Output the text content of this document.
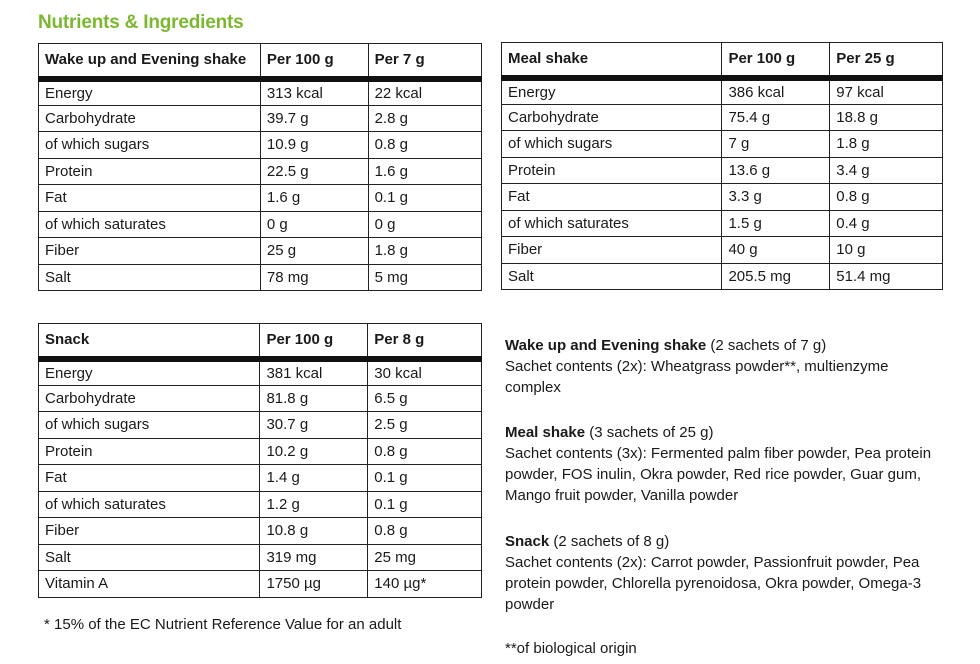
Nutrients & Ingredients
Wake up and Evening shake	Per 100 g	Per 7 g
Energy	313 kcal	22 kcal
Carbohydrate	39.7 g	2.8 g
of which sugars	10.9 g	0.8 g
Protein	22.5 g	1.6 g
Fat	1.6 g	0.1 g
of which saturates	0 g	0 g
Fiber	25 g	1.8 g
Salt	78 mg	5 mg
Meal shake	Per 100 g	Per 25 g
Energy	386 kcal	97 kcal
Carbohydrate	75.4 g	18.8 g
of which sugars	7 g	1.8 g
Protein	13.6 g	3.4 g
Fat	3.3 g	0.8 g
of which saturates	1.5 g	0.4 g
Fiber	40 g	10 g
Salt	205.5 mg	51.4 mg
Snack	Per 100 g	Per 8 g
Energy	381 kcal	30 kcal
Carbohydrate	81.8 g	6.5 g
of which sugars	30.7 g	2.5 g
Protein	10.2 g	0.8 g
Fat	1.4 g	0.1 g
of which saturates	1.2 g	0.1 g
Fiber	10.8 g	0.8 g
Salt	319 mg	25 mg
Vitamin A	1750 µg	140 µg*
* 15% of the EC Nutrient Reference Value for an adult

Wake up and Evening shake (2 sachets of 7 g)

Sachet contents (2x): Wheatgrass powder**, multienzyme complex

Meal shake (3 sachets of 25 g)

Sachet contents (3x): Fermented palm fiber powder, Pea protein powder, FOS inulin, Okra powder, Red rice powder, Guar gum, Mango fruit powder, Vanilla powder

Snack (2 sachets of 8 g)

Sachet contents (2x): Carrot powder, Passionfruit powder, Pea protein powder, Chlorella pyrenoidosa, Okra powder, Omega-3 powder

**of biological origin
